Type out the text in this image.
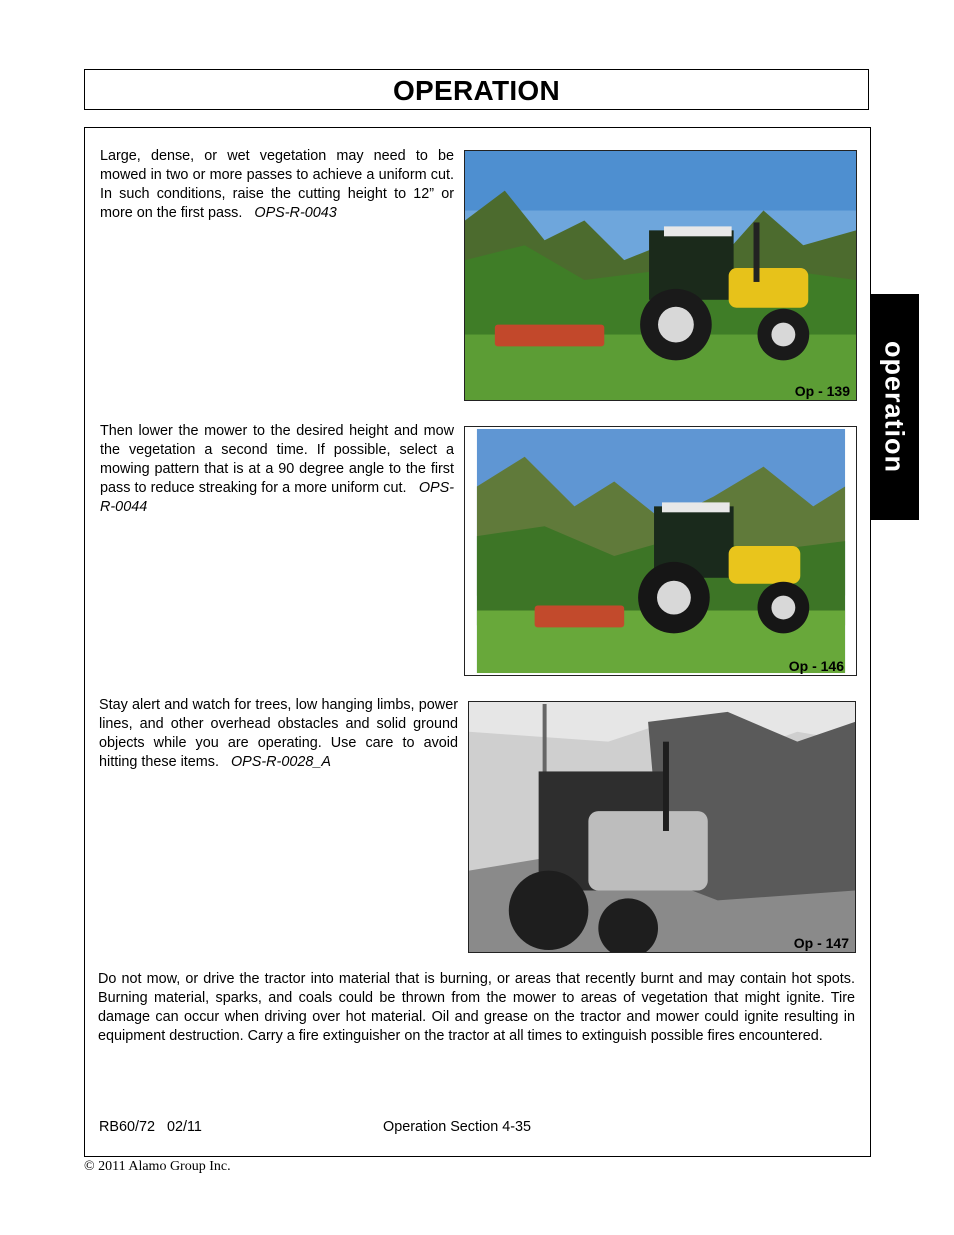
OPERATION
operation
Large, dense, or wet vegetation may need to be mowed in two or more passes to achieve a uniform cut. In such conditions, raise the cutting height to 12” or more on the first pass. OPS-R-0043
Op - 139
Then lower the mower to the desired height and mow the vegetation a second time. If possible, select a mowing pattern that is at a 90 degree angle to the first pass to reduce streaking for a more uniform cut. OPS-R-0044
Op - 146
Stay alert and watch for trees, low hanging limbs, power lines, and other overhead obstacles and solid ground objects while you are operating. Use care to avoid hitting these items. OPS-R-0028_A
Op - 147
Do not mow, or drive the tractor into material that is burning, or areas that recently burnt and may contain hot spots. Burning material, sparks, and coals could be thrown from the mower to areas of vegetation that might ignite. Tire damage can occur when driving over hot material. Oil and grease on the tractor and mower could ignite resulting in equipment destruction. Carry a fire extinguisher on the tractor at all times to extinguish possible fires encountered.
RB60/72   02/11	Operation Section 4-35
© 2011 Alamo Group Inc.
